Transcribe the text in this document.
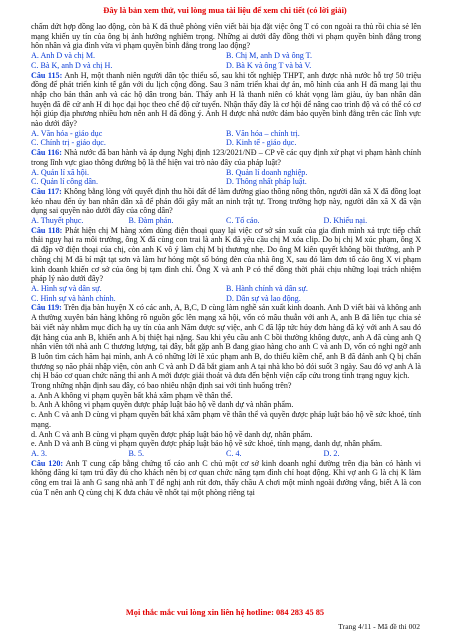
Đây là bản xem thử, vui lòng mua tài liệu để xem chi tiết (có lời giải)

chấm dứt hợp đồng lao động, còn bà K đã thuê phòng viên viết bài bịa đặt việc ông T có con ngoài ra thủ rồi chia sẻ lên mạng khiến uy tín của ông bị ảnh hưởng nghiêm trọng. Những ai dưới đây đồng thời vi phạm quyền bình đẳng trong hôn nhân và gia đình vừa vi phạm quyền bình đẳng trong lao động?

A. Anh D và chị M.	B. Chị M, anh D và ông T.
C. Bà K, anh D và chị H.	D. Bà K và ông T và bà V.

Câu 115: Anh H, một thanh niên người dân tộc thiểu số, sau khi tốt nghiệp THPT, anh được nhà nước hỗ trợ 50 triệu đồng để phát triển kinh tế gắn với du lịch cộng đồng. Sau 3 năm triển khai dự án, mô hình của anh H đã mang lại thu nhập cho bản thân anh và các hộ dân trong bản. Thấy anh H là thanh niên có khát vọng làm giàu, ủy ban nhân dân huyện đã đề cử anh H đi học đại học theo chế độ cử tuyển. Nhận thấy đây là cơ hội để nâng cao trình độ và có thể có cơ hội giúp địa phương nhiều hơn nên anh H đã đồng ý. Anh H được nhà nước đảm bảo quyền bình đẳng trên các lĩnh vực nào dưới đây?

A. Văn hóa - giáo dục	B. Văn hóa – chính trị.
C. Chính trị - giáo dục.	D. Kinh tế - giáo dục.

Câu 116: Nhà nước đã ban hành và áp dụng Nghị định 123/2021/NĐ – CP về các quy định xử phạt vi phạm hành chính trong lĩnh vực giao thông đường bộ là thể hiện vai trò nào đây của pháp luật?

A. Quản lí xã hội.	B. Quản lí doanh nghiệp.
C. Quản lí công dân.	D. Thông nhất pháp luật.

Câu 117: Không bằng lòng với quyết định thu hồi đất để làm đường giao thông nông thôn, người dân xã X đã đồng loạt kéo nhau đến ủy ban nhân dân xã để phản đối gây mất an ninh trật tự. Trong trường hợp này, người dân xã X đã vận dụng sai quyền nào dưới đây của công dân?

A. Thuyết phục.	B. Đàm phán.	C. Tố cáo.	D. Khiếu nại.

Câu 118: Phát hiện chị M hàng xóm dùng điện thoại quay lại việc cơ sở sản xuất của gia đình mình xả trực tiếp chất thải nguy hại ra môi trường, ông X đã cùng con trai là anh K đã yêu cầu chị M xóa clip. Do bị chị M xúc phạm, ông X đã đập vỡ điện thoại của chị, còn anh K vô ý làm chị M bị thương nhẹ. Do ông M kiên quyết không bồi thường, anh P chồng chị M đã bí mật tạt sơn và làm hư hỏng một số bóng đèn của nhà ông X, sau đó làm đơn tố cáo ông X vi phạm kinh doanh khiến cơ sở của ông bị tạm đình chỉ. Ông X và anh P có thể đồng thời phải chịu những loại trách nhiệm pháp lý nào dưới đây?

A. Hình sự và dân sự.	B. Hành chính và dân sự.
C. Hình sự và hành chính.	D. Dân sự và lao động.

Câu 119: Trên địa bàn huyện X có các anh, A, B,C, D cùng làm nghề sản xuất kinh doanh. Anh D viết bài và không anh A thường xuyên bán hàng không rõ nguồn gốc lên mạng xã hội, vốn có mâu thuẫn với anh A, anh B đã liên tục chia sẻ bài viết này nhằm mục đích hạ uy tín của anh Năm được sự việc, anh C đã lập tức hủy đơn hàng đã ký với anh A sau đó đặt hàng của anh B, khiến anh A bị thiệt hại nặng. Sau khi yêu cầu anh C bồi thường không được, anh A đã cùng anh Q nhân viên tới nhà anh C thương lượng, tại đây, bắt gặp anh B đang giao hàng cho anh C và anh D, vốn có nghi ngờ anh B luôn tìm cách hãm hại mình, anh A có những lời lẽ xúc phạm anh B, do thiếu kiềm chế, anh B đã đánh anh Q bị chấn thương sọ não phải nhập viện, còn anh C và anh D đã bắt giam anh A tại nhà kho bỏ đói suốt 3 ngày. Sau đó vợ anh A là chị H báo cơ quan chức năng thì anh A mới được giải thoát và đưa đến bệnh viện cấp cứu trong tình trạng nguy kịch.

Trong những nhận định sau đây, có bao nhiêu nhận định sai với tình huống trên?

a. Anh A không vi phạm quyền bất khả xâm phạm về thân thể.

b. Anh A không vi phạm quyền được pháp luật bảo hộ về danh dự và nhân phẩm.

c. Anh C và anh D cùng vi phạm quyền bất khả xâm phạm về thân thể và quyền được pháp luật bảo hộ về sức khoẻ, tính mạng.

d. Anh C và anh B cùng vi phạm quyền được pháp luật bảo hộ về danh dự, nhân phẩm.

e. Anh D và anh B cùng vi phạm quyền được pháp luật bảo hộ về sức khoẻ, tính mạng, danh dự, nhân phẩm.

A. 3.	B. 5.	C. 4.	D. 2.

Câu 120: Anh T cung cấp bằng chứng tố cáo anh C chủ một cơ sở kinh doanh nghỉ đường trên địa bàn có hành vi không đăng kí tạm trú đầy đủ cho khách nên bị cơ quan chức năng tạm đình chỉ hoạt động. Khi vợ anh G là chị K làm công em trai là anh G sang nhà anh T để nghị anh rút đơn, thấy chầu A chơi một mình ngoài đường vắng, biết A là con của T nên anh Q cùng chị K đưa cháu về nhốt tại một phòng riêng tại

Mọi thắc mắc vui lòng xin liên hệ hotline: 084 283 45 85
Trang 4/11 - Mã đề thi 002
